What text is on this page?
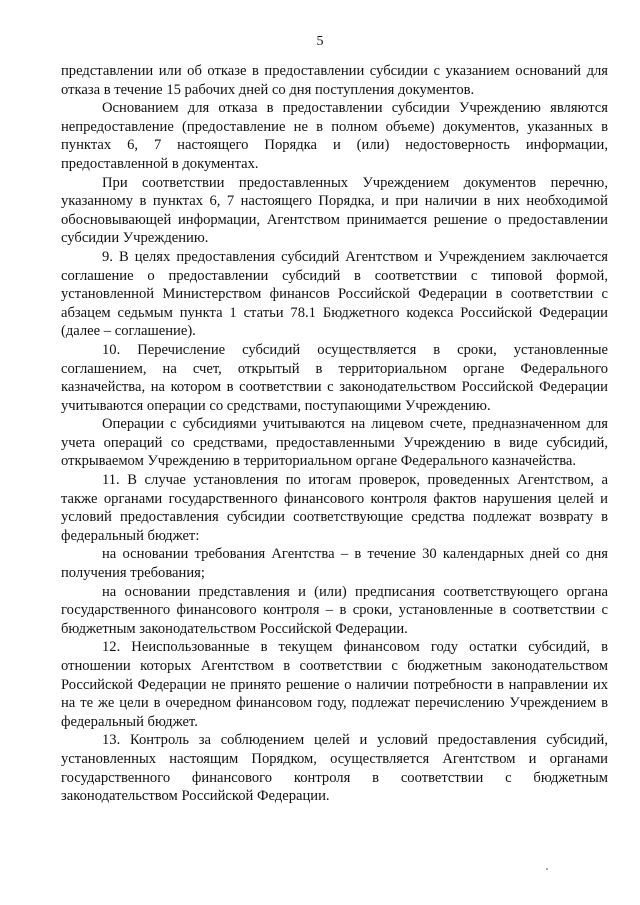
5

представлении или об отказе в предоставлении субсидии с указанием оснований для отказа в течение 15 рабочих дней со дня поступления документов.

Основанием для отказа в предоставлении субсидии Учреждению являются непредоставление (предоставление не в полном объеме) документов, указанных в пунктах 6, 7 настоящего Порядка и (или) недостоверность информации, предоставленной в документах.

При соответствии предоставленных Учреждением документов перечню, указанному в пунктах 6, 7 настоящего Порядка, и при наличии в них необходимой обосновывающей информации, Агентством принимается решение о предоставлении субсидии Учреждению.

9. В целях предоставления субсидий Агентством и Учреждением заключается соглашение о предоставлении субсидий в соответствии с типовой формой, установленной Министерством финансов Российской Федерации в соответствии с абзацем седьмым пункта 1 статьи 78.1 Бюджетного кодекса Российской Федерации (далее – соглашение).

10. Перечисление субсидий осуществляется в сроки, установленные соглашением, на счет, открытый в территориальном органе Федерального казначейства, на котором в соответствии с законодательством Российской Федерации учитываются операции со средствами, поступающими Учреждению.

Операции с субсидиями учитываются на лицевом счете, предназначенном для учета операций со средствами, предоставленными Учреждению в виде субсидий, открываемом Учреждению в территориальном органе Федерального казначейства.

11. В случае установления по итогам проверок, проведенных Агентством, а также органами государственного финансового контроля фактов нарушения целей и условий предоставления субсидии соответствующие средства подлежат возврату в федеральный бюджет:

на основании требования Агентства – в течение 30 календарных дней со дня получения требования;

на основании представления и (или) предписания соответствующего органа государственного финансового контроля – в сроки, установленные в соответствии с бюджетным законодательством Российской Федерации.

12. Неиспользованные в текущем финансовом году остатки субсидий, в отношении которых Агентством в соответствии с бюджетным законодательством Российской Федерации не принято решение о наличии потребности в направлении их на те же цели в очередном финансовом году, подлежат перечислению Учреждением в федеральный бюджет.

13. Контроль за соблюдением целей и условий предоставления субсидий, установленных настоящим Порядком, осуществляется Агентством и органами государственного финансового контроля в соответствии с бюджетным законодательством Российской Федерации.
